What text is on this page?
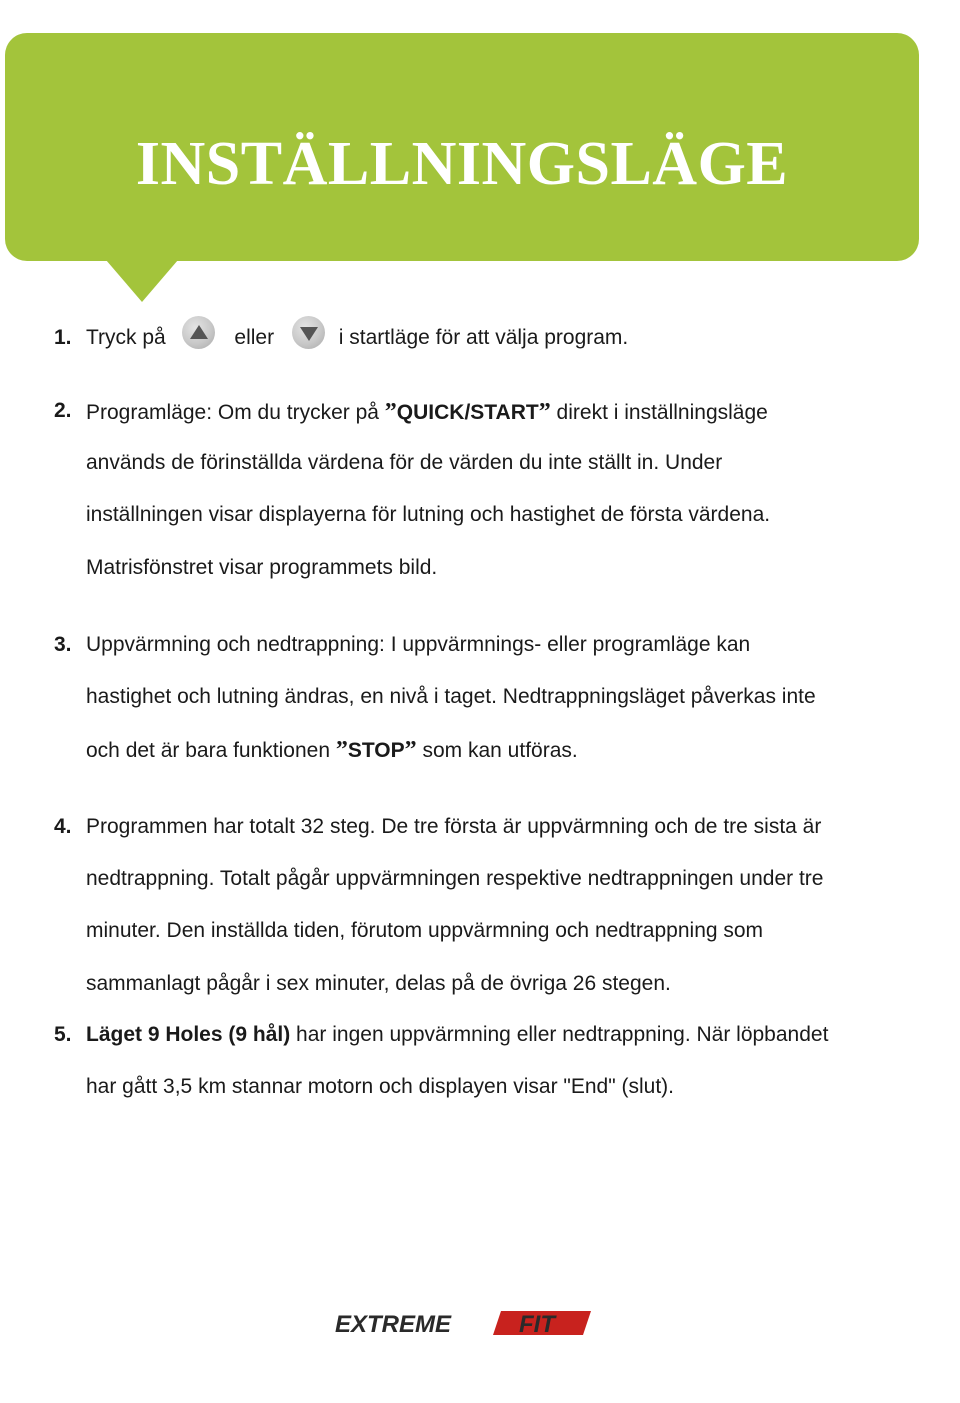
INSTÄLLNINGSLÄGE
1. Tryck på	eller	i startläge för att välja program.
2. Programläge: Om du trycker på ”QUICK/START” direkt i inställningsläge
används de förinställda värdena för de värden du inte ställt in. Under
inställningen visar displayerna för lutning och hastighet de första värdena.
Matrisfönstret visar programmets bild.
3. Uppvärmning och nedtrappning: I uppvärmnings- eller programläge kan
hastighet och lutning ändras, en nivå i taget. Nedtrappningsläget påverkas inte
och det är bara funktionen ”STOP” som kan utföras.
4. Programmen har totalt 32 steg. De tre första är uppvärmning och de tre sista är
nedtrappning. Totalt pågår uppvärmningen respektive nedtrappningen under tre
minuter. Den inställda tiden, förutom uppvärmning och nedtrappning som
sammanlagt pågår i sex minuter, delas på de övriga 26 stegen.
5. Läget 9 Holes (9 hål) har ingen uppvärmning eller nedtrappning. När löpbandet
har gått 3,5 km stannar motorn och displayen visar "End" (slut).
EXTREME	FIT
